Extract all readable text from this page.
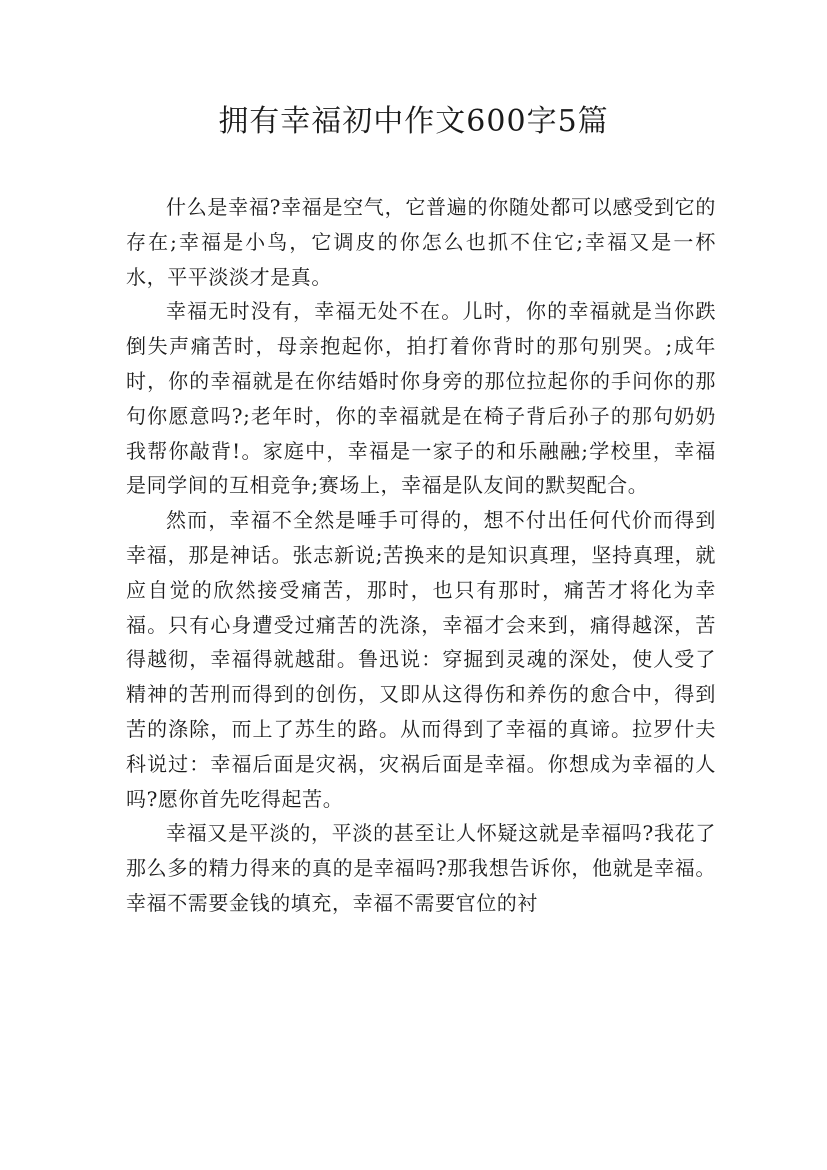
拥有幸福初中作文600字5篇

什么是幸福?幸福是空气，它普遍的你随处都可以感受到它的存在;幸福是小鸟，它调皮的你怎么也抓不住它;幸福又是一杯水，平平淡淡才是真。

幸福无时没有，幸福无处不在。儿时，你的幸福就是当你跌倒失声痛苦时，母亲抱起你，拍打着你背时的那句别哭。;成年时，你的幸福就是在你结婚时你身旁的那位拉起你的手问你的那句你愿意吗?;老年时，你的幸福就是在椅子背后孙子的那句奶奶我帮你敲背!。家庭中，幸福是一家子的和乐融融;学校里，幸福是同学间的互相竞争;赛场上，幸福是队友间的默契配合。

然而，幸福不全然是唾手可得的，想不付出任何代价而得到幸福，那是神话。张志新说;苦换来的是知识真理，坚持真理，就应自觉的欣然接受痛苦，那时，也只有那时，痛苦才将化为幸福。只有心身遭受过痛苦的洗涤，幸福才会来到，痛得越深，苦得越彻，幸福得就越甜。鲁迅说：穿掘到灵魂的深处，使人受了精神的苦刑而得到的创伤，又即从这得伤和养伤的愈合中，得到苦的涤除，而上了苏生的路。从而得到了幸福的真谛。拉罗什夫科说过：幸福后面是灾祸，灾祸后面是幸福。你想成为幸福的人吗?愿你首先吃得起苦。

幸福又是平淡的，平淡的甚至让人怀疑这就是幸福吗?我花了那么多的精力得来的真的是幸福吗?那我想告诉你，他就是幸福。幸福不需要金钱的填充，幸福不需要官位的衬
